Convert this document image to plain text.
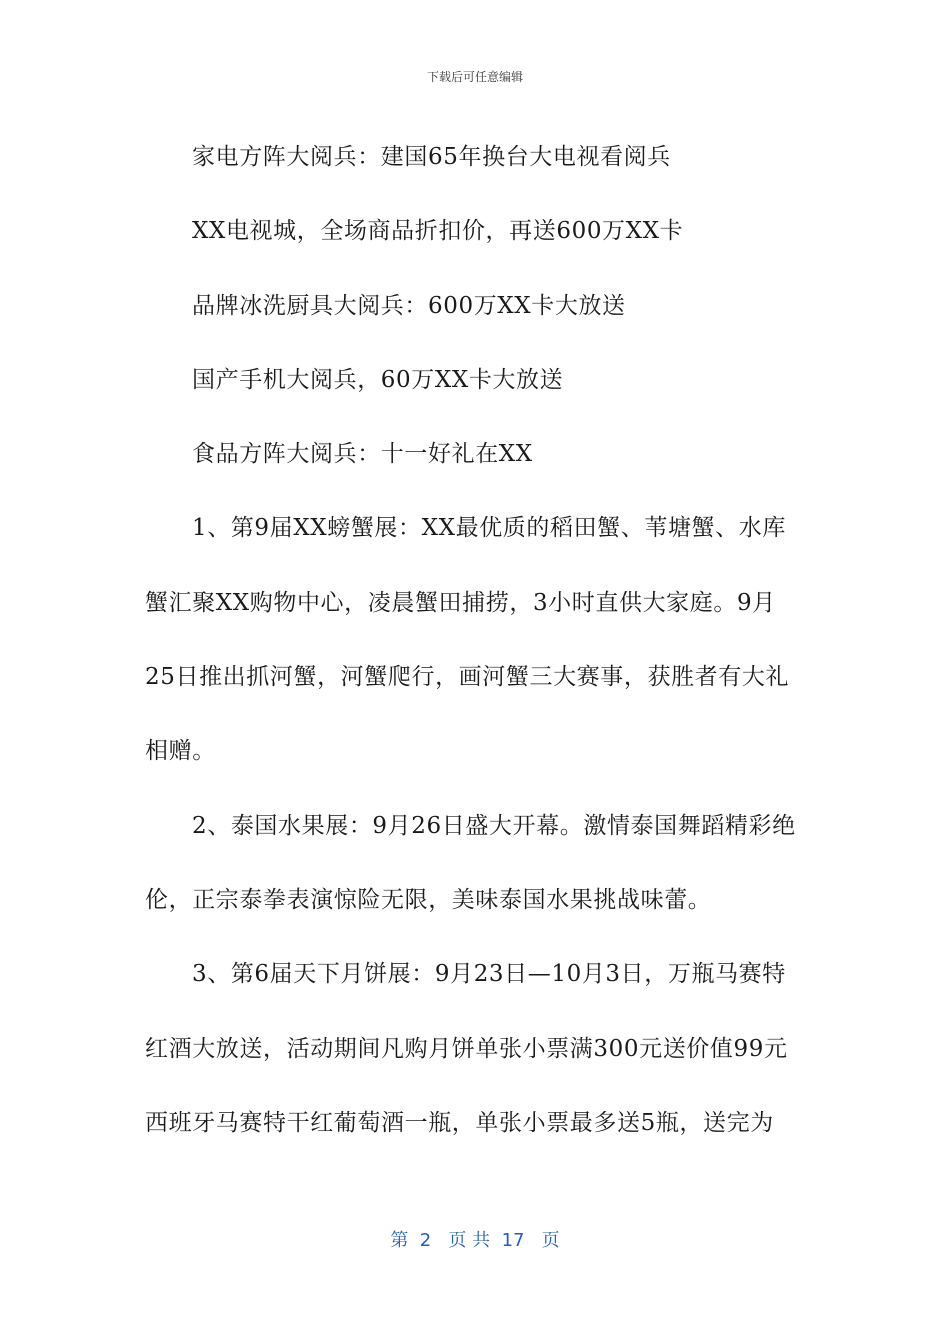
下载后可任意编辑
家电方阵大阅兵：建国65年换台大电视看阅兵
XX电视城，全场商品折扣价，再送600万XX卡
品牌冰洗厨具大阅兵：600万XX卡大放送
国产手机大阅兵，60万XX卡大放送
食品方阵大阅兵：十一好礼在XX
1、第9届XX螃蟹展：XX最优质的稻田蟹、苇塘蟹、水库
蟹汇聚XX购物中心，凌晨蟹田捕捞，3小时直供大家庭。9月
25日推出抓河蟹，河蟹爬行，画河蟹三大赛事，获胜者有大礼
相赠。
2、泰国水果展：9月26日盛大开幕。激情泰国舞蹈精彩绝
伦，正宗泰拳表演惊险无限，美味泰国水果挑战味蕾。
3、第6届天下月饼展：9月23日—10月3日，万瓶马赛特
红酒大放送，活动期间凡购月饼单张小票满300元送价值99元
西班牙马赛特干红葡萄酒一瓶，单张小票最多送5瓶，送完为
第  2   页 共  17   页
